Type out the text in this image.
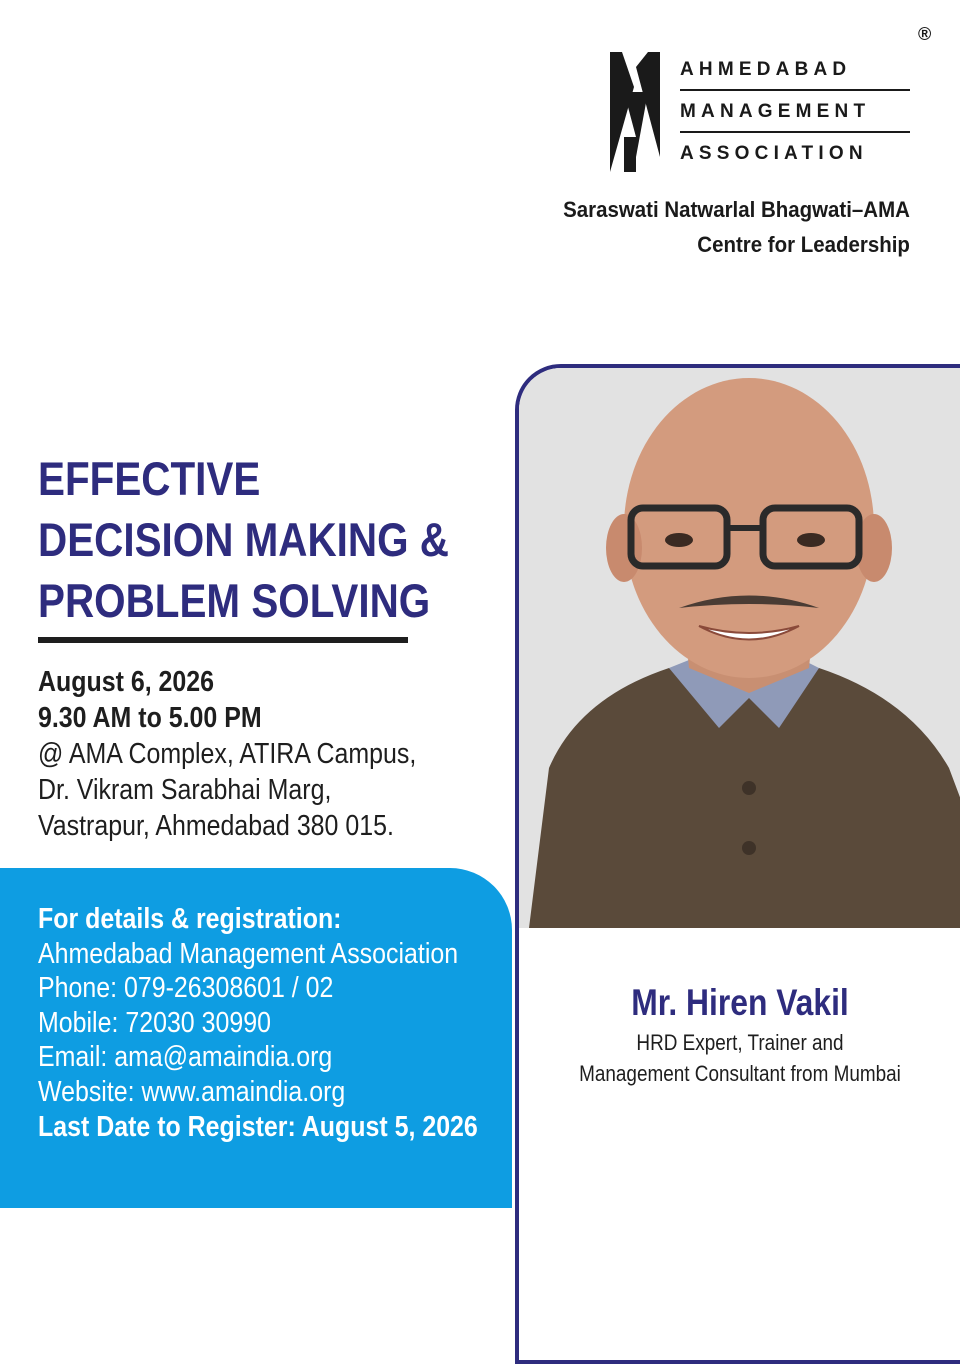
AHMEDABAD
MANAGEMENT
ASSOCIATION
®
Saraswati Natwarlal Bhagwati–AMA
Centre for Leadership
EFFECTIVE
DECISION MAKING &
PROBLEM SOLVING
August 6, 2026
9.30 AM to 5.00 PM
@ AMA Complex, ATIRA Campus,
Dr. Vikram Sarabhai Marg,
Vastrapur, Ahmedabad 380 015.
For details & registration:
Ahmedabad Management Association
Phone: 079-26308601 / 02
Mobile: 72030 30990
Email: ama@amaindia.org
Website: www.amaindia.org
Last Date to Register: August 5, 2026
Mr. Hiren Vakil
HRD Expert, Trainer and
Management Consultant from Mumbai
